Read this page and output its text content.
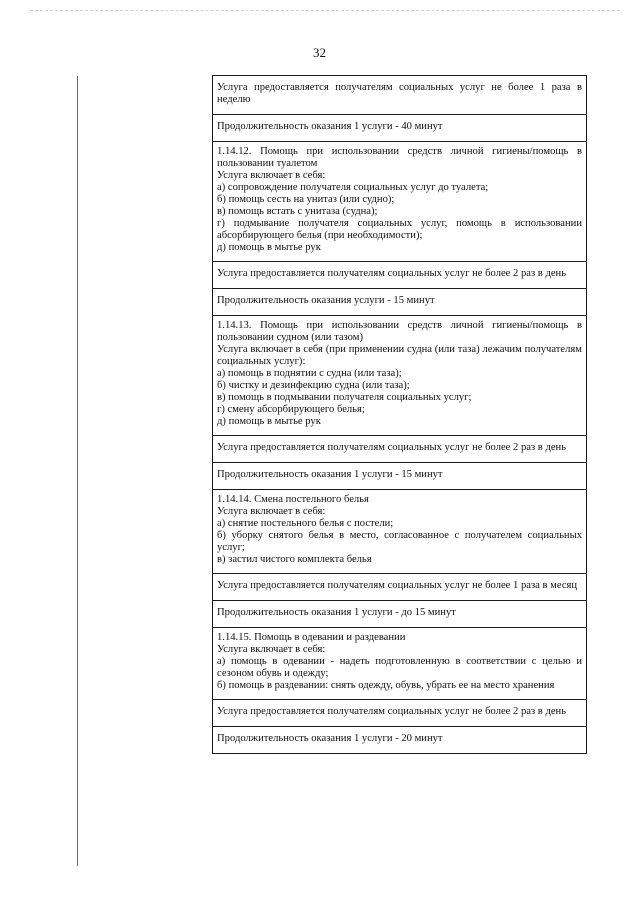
32
Услуга предоставляется получателям социальных услуг не более 1 раза в неделю

Продолжительность оказания 1 услуги - 40 минут

1.14.12. Помощь при использовании средств личной гигиены/помощь в пользовании туалетом
Услуга включает в себя:
а) сопровождение получателя социальных услуг до туалета;
б) помощь сесть на унитаз (или судно);
в) помощь встать с унитаза (судна);
г) подмывание получателя социальных услуг, помощь в использовании абсорбирующего белья (при необходимости);
д) помощь в мытье рук

Услуга предоставляется получателям социальных услуг не более 2 раз в день

Продолжительность оказания услуги - 15 минут

1.14.13. Помощь при использовании средств личной гигиены/помощь в пользовании судном (или тазом)
Услуга включает в себя (при применении судна (или таза) лежачим получателям социальных услуг):
а) помощь в поднятии с судна (или таза);
б) чистку и дезинфекцию судна (или таза);
в) помощь в подмывании получателя социальных услуг;
г) смену абсорбирующего белья;
д) помощь в мытье рук

Услуга предоставляется получателям социальных услуг не более 2 раз в день

Продолжительность оказания 1 услуги - 15 минут

1.14.14. Смена постельного белья
Услуга включает в себя:
а) снятие постельного белья с постели;
б) уборку снятого белья в место, согласованное с получателем социальных услуг;
в) застил чистого комплекта белья

Услуга предоставляется получателям социальных услуг не более 1 раза в месяц

Продолжительность оказания 1 услуги - до 15 минут

1.14.15. Помощь в одевании и раздевании
Услуга включает в себя:
а) помощь в одевании - надеть подготовленную в соответствии с целью и сезоном обувь и одежду;
б) помощь в раздевании: снять одежду, обувь, убрать ее на место хранения

Услуга предоставляется получателям социальных услуг не более 2 раз в день

Продолжительность оказания 1 услуги - 20 минут
